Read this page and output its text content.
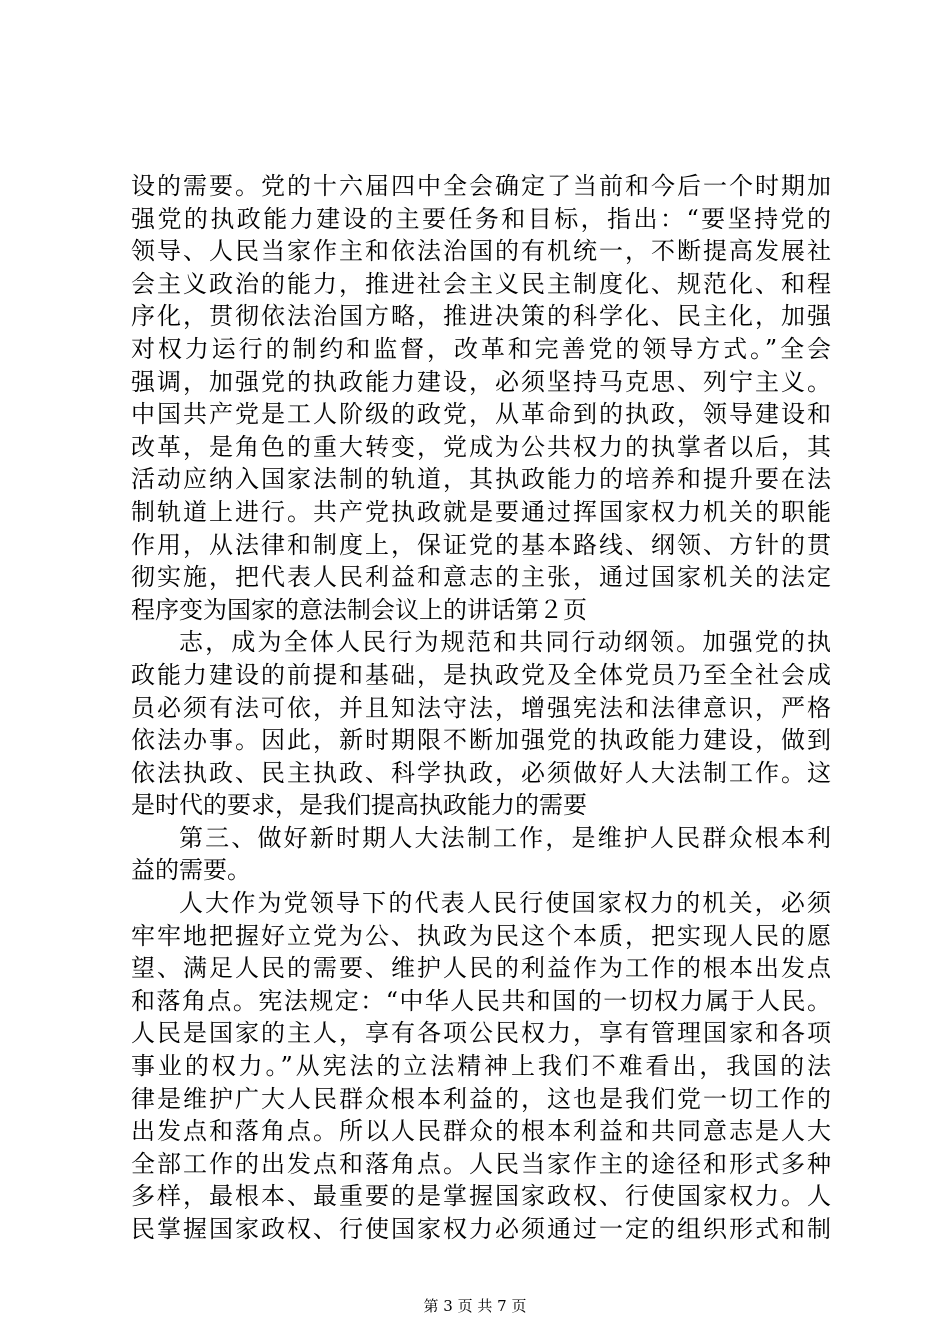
设的需要。党的十六届四中全会确定了当前和今后一个时期加
强党的执政能力建设的主要任务和目标，指出：“要坚持党的
领导、人民当家作主和依法治国的有机统一，不断提高发展社
会主义政治的能力，推进社会主义民主制度化、规范化、和程
序化，贯彻依法治国方略，推进决策的科学化、民主化，加强
对权力运行的制约和监督，改革和完善党的领导方式。”全会
强调，加强党的执政能力建设，必须坚持马克思、列宁主义。
中国共产党是工人阶级的政党，从革命到的执政，领导建设和
改革，是角色的重大转变，党成为公共权力的执掌者以后，其
活动应纳入国家法制的轨道，其执政能力的培养和提升要在法
制轨道上进行。共产党执政就是要通过挥国家权力机关的职能
作用，从法律和制度上，保证党的基本路线、纲领、方针的贯
彻实施，把代表人民利益和意志的主张，通过国家机关的法定
程序变为国家的意法制会议上的讲话第２页
志，成为全体人民行为规范和共同行动纲领。加强党的执
政能力建设的前提和基础，是执政党及全体党员乃至全社会成
员必须有法可依，并且知法守法，增强宪法和法律意识，严格
依法办事。因此，新时期限不断加强党的执政能力建设，做到
依法执政、民主执政、科学执政，必须做好人大法制工作。这
是时代的要求，是我们提高执政能力的需要
第三、做好新时期人大法制工作，是维护人民群众根本利
益的需要。
人大作为党领导下的代表人民行使国家权力的机关，必须
牢牢地把握好立党为公、执政为民这个本质，把实现人民的愿
望、满足人民的需要、维护人民的利益作为工作的根本出发点
和落角点。宪法规定：“中华人民共和国的一切权力属于人民。
人民是国家的主人，享有各项公民权力，享有管理国家和各项
事业的权力。”从宪法的立法精神上我们不难看出，我国的法
律是维护广大人民群众根本利益的，这也是我们党一切工作的
出发点和落角点。所以人民群众的根本利益和共同意志是人大
全部工作的出发点和落角点。人民当家作主的途径和形式多种
多样，最根本、最重要的是掌握国家政权、行使国家权力。人
民掌握国家政权、行使国家权力必须通过一定的组织形式和制
第 3 页 共 7 页
